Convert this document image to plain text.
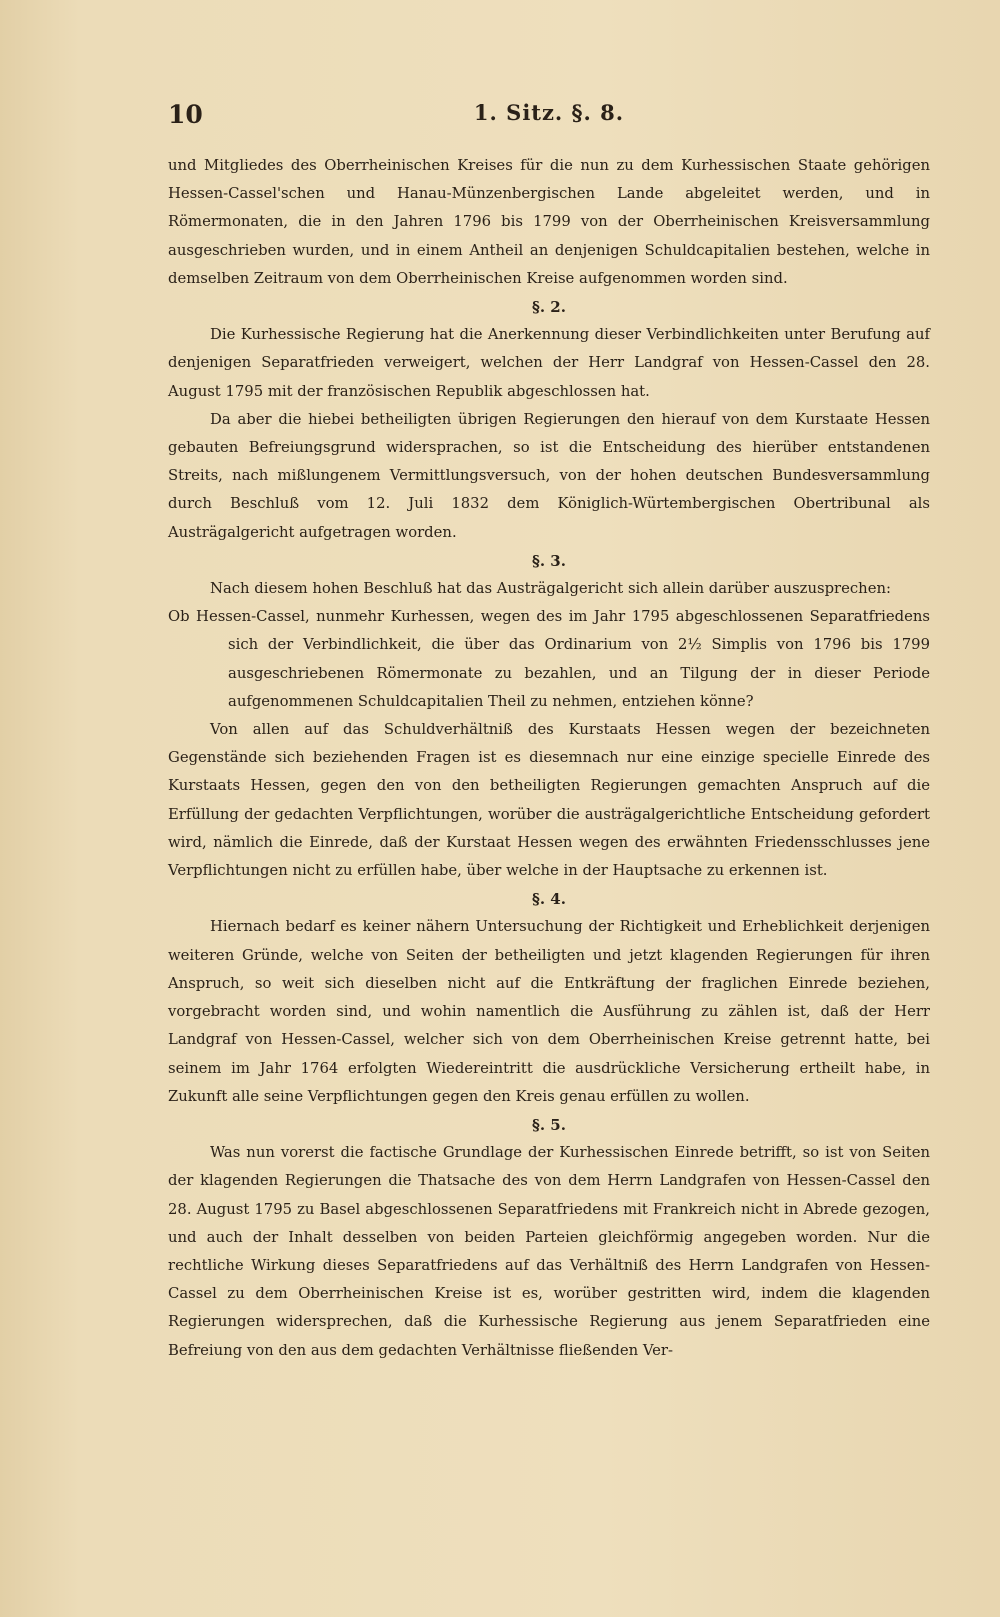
10	1. Sitz. §. 8.

und Mitgliedes des Oberrheinischen Kreises für die nun zu dem Kurhessischen Staate gehörigen Hessen-Cassel'schen und Hanau-Münzenbergischen Lande abgeleitet werden, und in Römermonaten, die in den Jahren 1796 bis 1799 von der Oberrheinischen Kreisversammlung ausgeschrieben wurden, und in einem Antheil an denjenigen Schuldcapitalien bestehen, welche in demselben Zeitraum von dem Oberrheinischen Kreise aufgenommen worden sind.

§. 2.

Die Kurhessische Regierung hat die Anerkennung dieser Verbindlichkeiten unter Berufung auf denjenigen Separatfrieden verweigert, welchen der Herr Landgraf von Hessen-Cassel den 28. August 1795 mit der französischen Republik abgeschlossen hat.

Da aber die hiebei betheiligten übrigen Regierungen den hierauf von dem Kurstaate Hessen gebauten Befreiungsgrund widersprachen, so ist die Entscheidung des hierüber entstandenen Streits, nach mißlungenem Vermittlungsversuch, von der hohen deutschen Bundesversammlung durch Beschluß vom 12. Juli 1832 dem Königlich-Würtembergischen Obertribunal als Austrägalgericht aufgetragen worden.

§. 3.

Nach diesem hohen Beschluß hat das Austrägalgericht sich allein darüber auszusprechen:

Ob Hessen-Cassel, nunmehr Kurhessen, wegen des im Jahr 1795 abgeschlossenen Separatfriedens sich der Verbindlichkeit, die über das Ordinarium von 2½ Simplis von 1796 bis 1799 ausgeschriebenen Römermonate zu bezahlen, und an Tilgung der in dieser Periode aufgenommenen Schuldcapitalien Theil zu nehmen, entziehen könne?

Von allen auf das Schuldverhältniß des Kurstaats Hessen wegen der bezeichneten Gegenstände sich beziehenden Fragen ist es diesemnach nur eine einzige specielle Einrede des Kurstaats Hessen, gegen den von den betheiligten Regierungen gemachten Anspruch auf die Erfüllung der gedachten Verpflichtungen, worüber die austrägalgerichtliche Entscheidung gefordert wird, nämlich die Einrede, daß der Kurstaat Hessen wegen des erwähnten Friedensschlusses jene Verpflichtungen nicht zu erfüllen habe, über welche in der Hauptsache zu erkennen ist.

§. 4.

Hiernach bedarf es keiner nähern Untersuchung der Richtigkeit und Erheblichkeit derjenigen weiteren Gründe, welche von Seiten der betheiligten und jetzt klagenden Regierungen für ihren Anspruch, so weit sich dieselben nicht auf die Entkräftung der fraglichen Einrede beziehen, vorgebracht worden sind, und wohin namentlich die Ausführung zu zählen ist, daß der Herr Landgraf von Hessen-Cassel, welcher sich von dem Oberrheinischen Kreise getrennt hatte, bei seinem im Jahr 1764 erfolgten Wiedereintritt die ausdrückliche Versicherung ertheilt habe, in Zukunft alle seine Verpflichtungen gegen den Kreis genau erfüllen zu wollen.

§. 5.

Was nun vorerst die factische Grundlage der Kurhessischen Einrede betrifft, so ist von Seiten der klagenden Regierungen die Thatsache des von dem Herrn Landgrafen von Hessen-Cassel den 28. August 1795 zu Basel abgeschlossenen Separatfriedens mit Frankreich nicht in Abrede gezogen, und auch der Inhalt desselben von beiden Parteien gleichförmig angegeben worden. Nur die rechtliche Wirkung dieses Separatfriedens auf das Verhältniß des Herrn Landgrafen von Hessen-Cassel zu dem Oberrheinischen Kreise ist es, worüber gestritten wird, indem die klagenden Regierungen widersprechen, daß die Kurhessische Regierung aus jenem Separatfrieden eine Befreiung von den aus dem gedachten Verhältnisse fließenden Ver-
